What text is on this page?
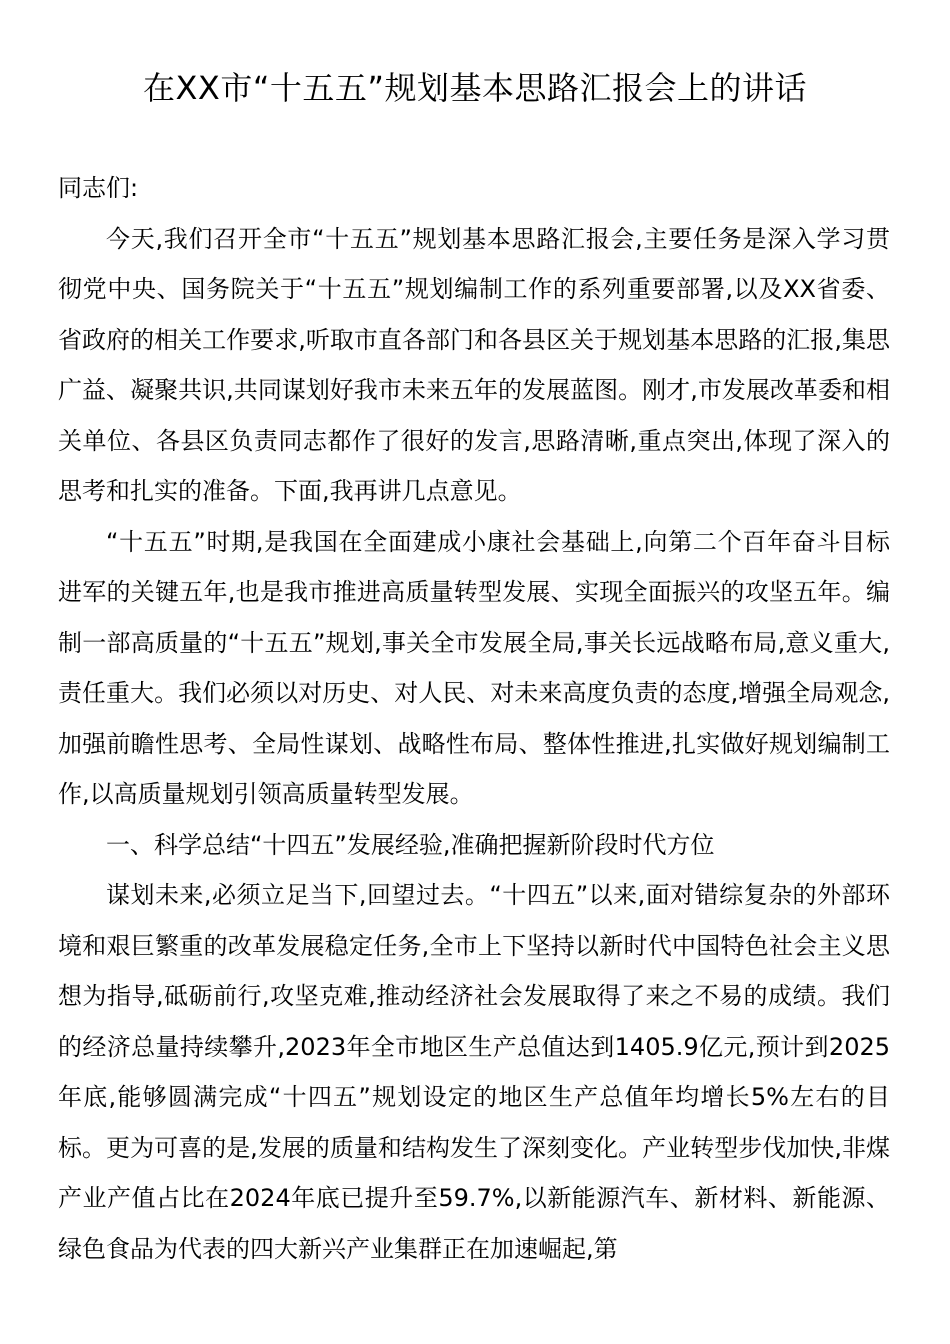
在XX市“十五五”规划基本思路汇报会上的讲话

同志们:

今天,我们召开全市“十五五”规划基本思路汇报会,主要任务是深入学习贯彻党中央、国务院关于“十五五”规划编制工作的系列重要部署,以及XX省委、省政府的相关工作要求,听取市直各部门和各县区关于规划基本思路的汇报,集思广益、凝聚共识,共同谋划好我市未来五年的发展蓝图。刚才,市发展改革委和相关单位、各县区负责同志都作了很好的发言,思路清晰,重点突出,体现了深入的思考和扎实的准备。下面,我再讲几点意见。

“十五五”时期,是我国在全面建成小康社会基础上,向第二个百年奋斗目标进军的关键五年,也是我市推进高质量转型发展、实现全面振兴的攻坚五年。编制一部高质量的“十五五”规划,事关全市发展全局,事关长远战略布局,意义重大,责任重大。我们必须以对历史、对人民、对未来高度负责的态度,增强全局观念,加强前瞻性思考、全局性谋划、战略性布局、整体性推进,扎实做好规划编制工作,以高质量规划引领高质量转型发展。

一、科学总结“十四五”发展经验,准确把握新阶段时代方位

谋划未来,必须立足当下,回望过去。“十四五”以来,面对错综复杂的外部环境和艰巨繁重的改革发展稳定任务,全市上下坚持以新时代中国特色社会主义思想为指导,砥砺前行,攻坚克难,推动经济社会发展取得了来之不易的成绩。我们的经济总量持续攀升,2023年全市地区生产总值达到1405.9亿元,预计到2025年底,能够圆满完成“十四五”规划设定的地区生产总值年均增长5%左右的目标。更为可喜的是,发展的质量和结构发生了深刻变化。产业转型步伐加快,非煤产业产值占比在2024年底已提升至59.7%,以新能源汽车、新材料、新能源、绿色食品为代表的四大新兴产业集群正在加速崛起,第
